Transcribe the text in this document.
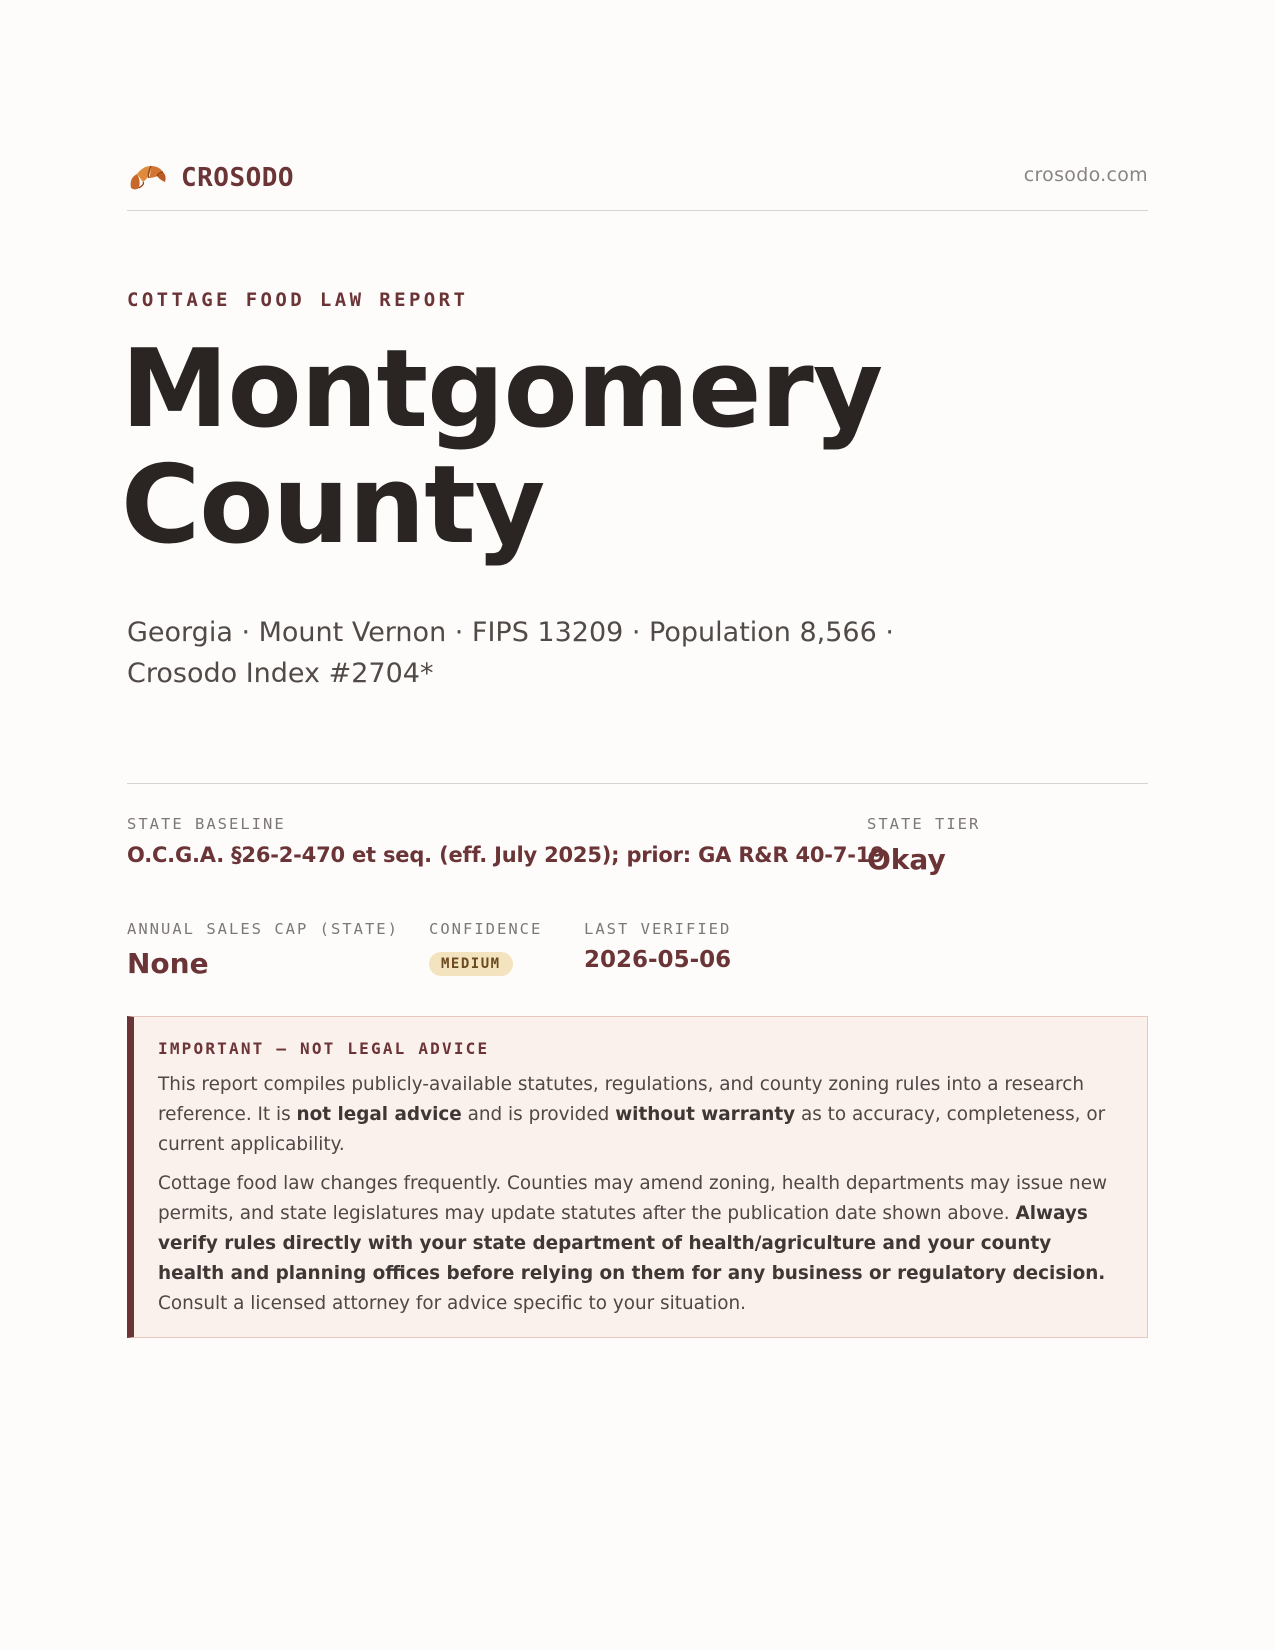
CROSODO	crosodo.com
COTTAGE FOOD LAW REPORT
Montgomery
County
Georgia · Mount Vernon · FIPS 13209 · Population 8,566 ·
Crosodo Index #2704*
STATE BASELINE
O.C.G.A. §26-2-470 et seq. (eff. July 2025); prior: GA R&R 40-7-19
STATE TIER
Okay
ANNUAL SALES CAP (STATE)
None
CONFIDENCE
MEDIUM
LAST VERIFIED
2026-05-06
IMPORTANT — NOT LEGAL ADVICE

This report compiles publicly-available statutes, regulations, and county zoning rules into a research reference. It is not legal advice and is provided without warranty as to accuracy, completeness, or current applicability.

Cottage food law changes frequently. Counties may amend zoning, health departments may issue new permits, and state legislatures may update statutes after the publication date shown above. Always verify rules directly with your state department of health/agriculture and your county health and planning offices before relying on them for any business or regulatory decision. Consult a licensed attorney for advice specific to your situation.
